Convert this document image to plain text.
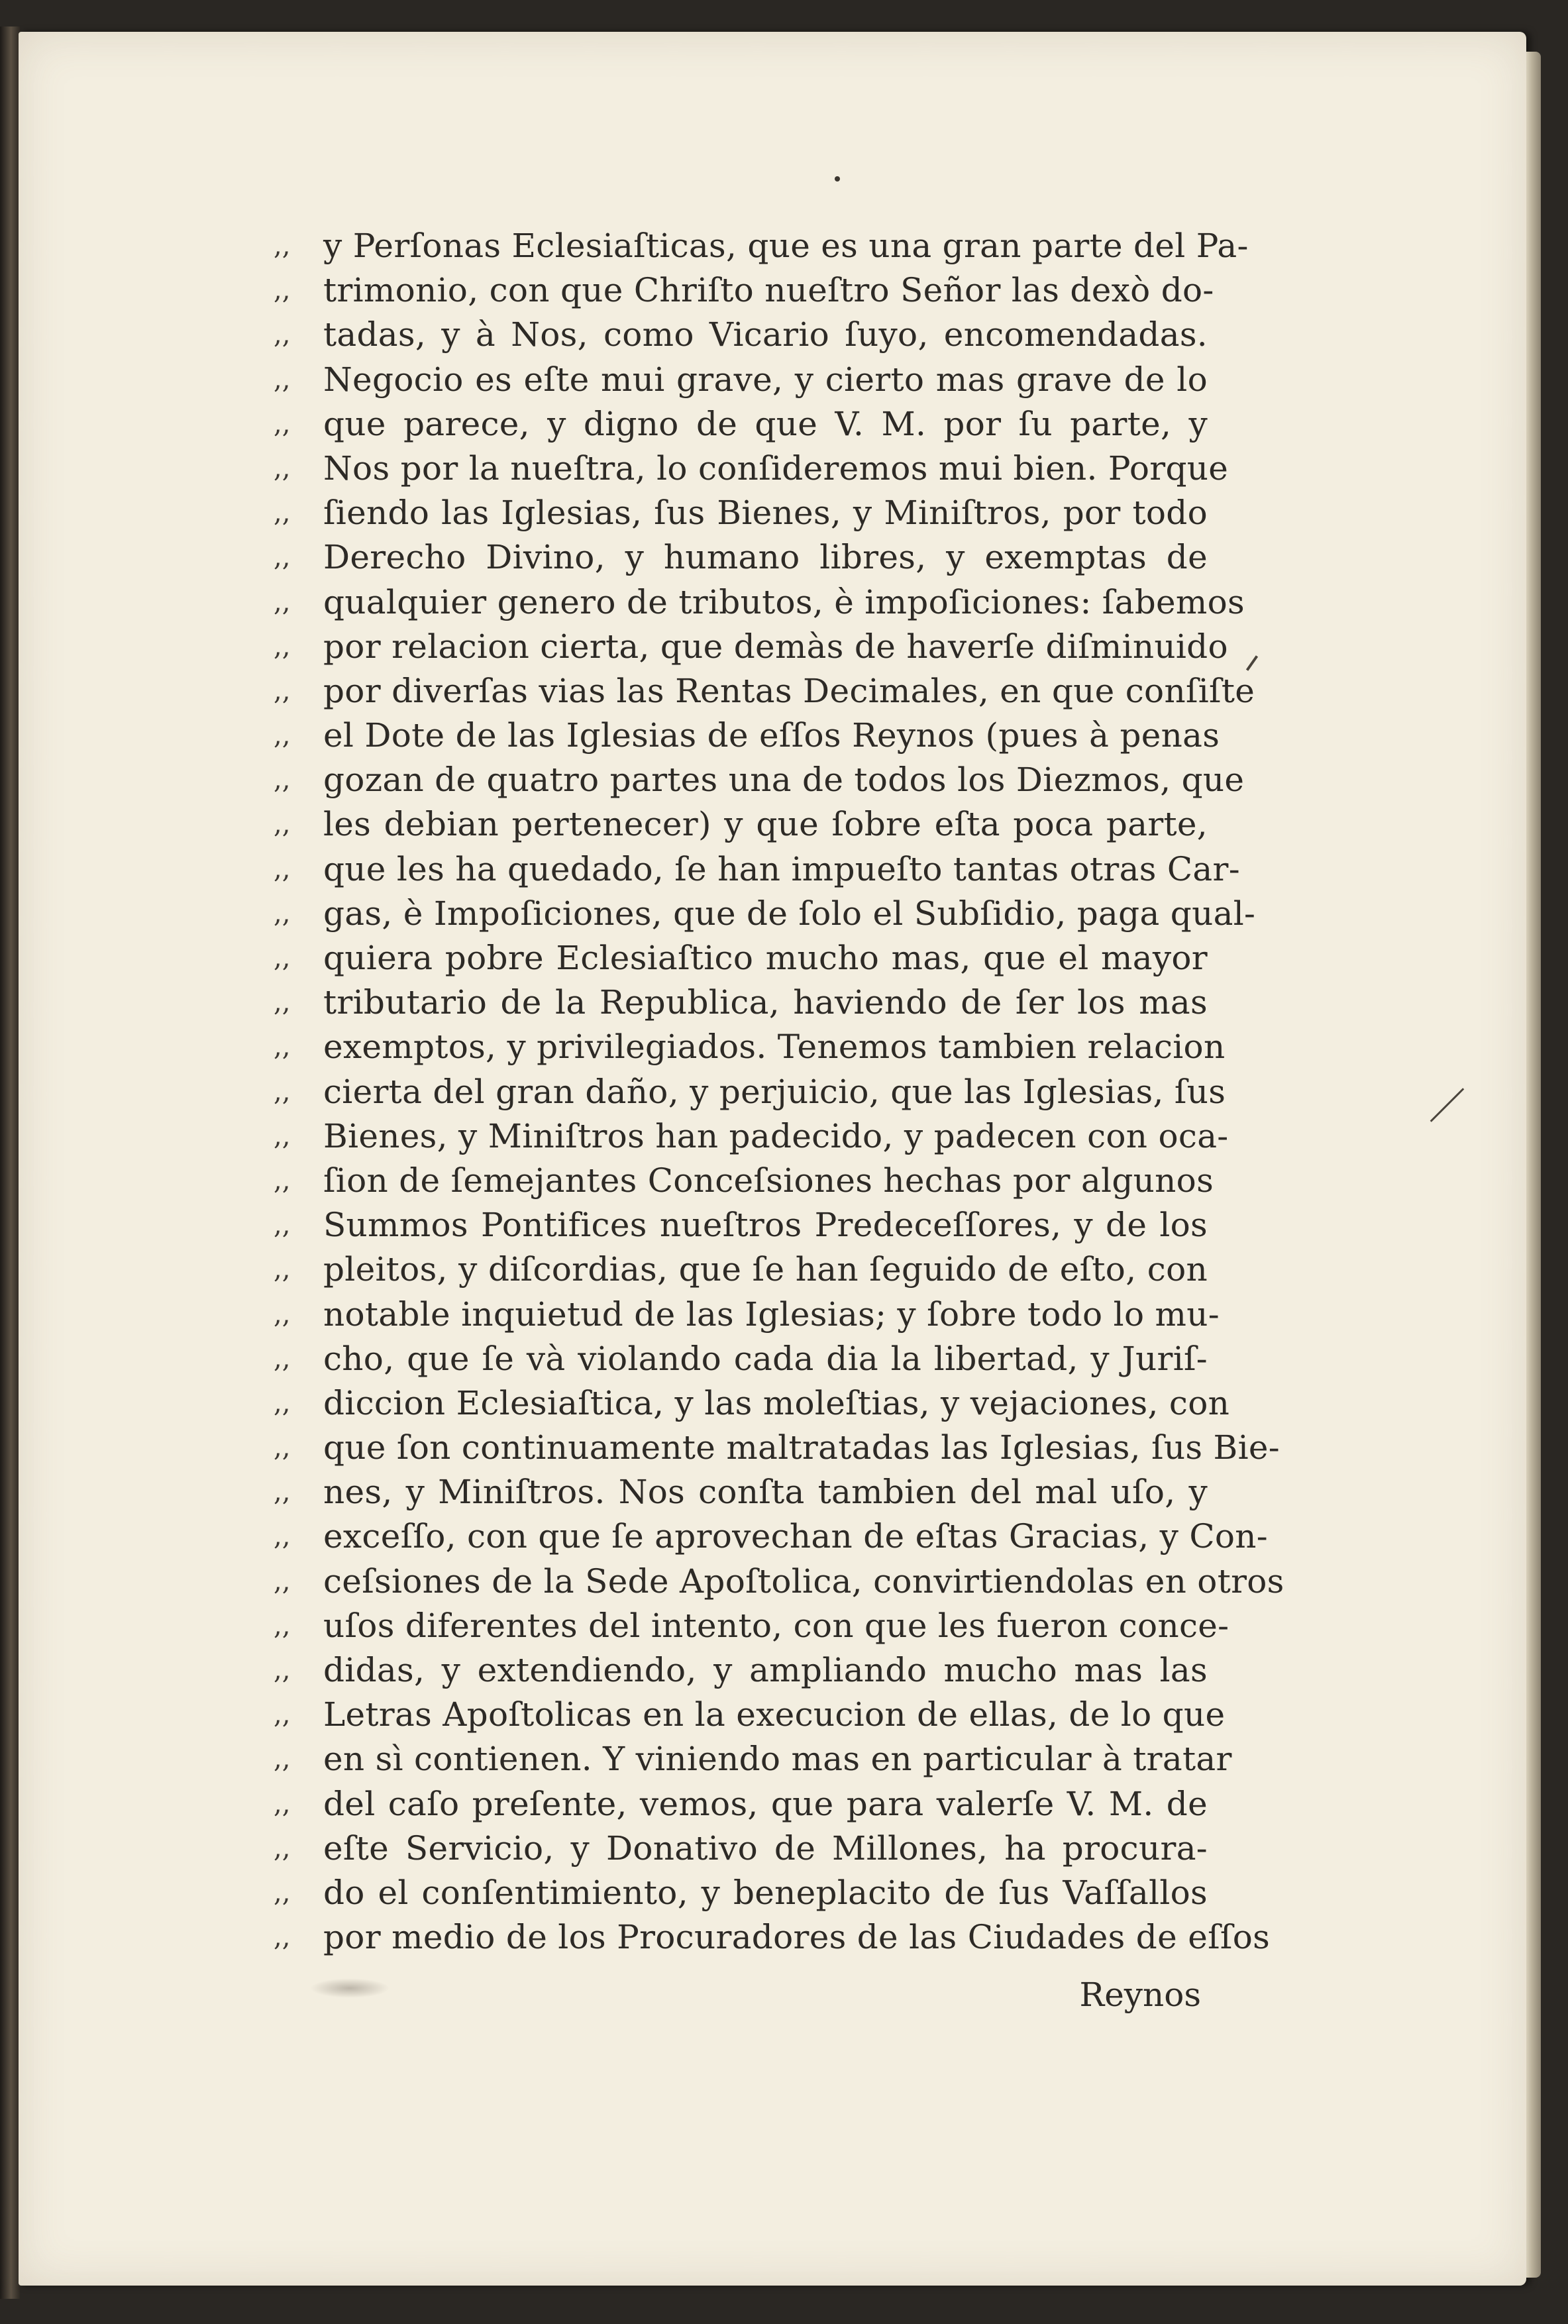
,, y Perſonas Eclesiaſticas, que es una gran parte del Pa-
,, trimonio, con que Chriſto nueſtro Señor las dexò do-
,, tadas, y à Nos, como Vicario ſuyo, encomendadas.
,, Negocio es eſte mui grave, y cierto mas grave de lo
,, que parece, y digno de que V. M. por ſu parte, y
,, Nos por la nueſtra, lo conſideremos mui bien. Porque
,, ſiendo las Iglesias, ſus Bienes, y Miniſtros, por todo
,, Derecho Divino, y humano libres, y exemptas de
,, qualquier genero de tributos, è impoſiciones: ſabemos
,, por relacion cierta, que demàs de haverſe diſminuido
,, por diverſas vias las Rentas Decimales, en que conſiſte
,, el Dote de las Iglesias de eſſos Reynos (pues à penas
,, gozan de quatro partes una de todos los Diezmos, que
,, les debian pertenecer) y que ſobre eſta poca parte,
,, que les ha quedado, ſe han impueſto tantas otras Car-
,, gas, è Impoſiciones, que de ſolo el Subſidio, paga qual-
,, quiera pobre Eclesiaſtico mucho mas, que el mayor
,, tributario de la Republica, haviendo de ſer los mas
,, exemptos, y privilegiados. Tenemos tambien relacion
,, cierta del gran daño, y perjuicio, que las Iglesias, ſus
,, Bienes, y Miniſtros han padecido, y padecen con oca-
,, ſion de ſemejantes Conceſsiones hechas por algunos
,, Summos Pontifices nueſtros Predeceſſores, y de los
,, pleitos, y diſcordias, que ſe han ſeguido de eſto, con
,, notable inquietud de las Iglesias; y ſobre todo lo mu-
,, cho, que ſe và violando cada dia la libertad, y Juriſ-
,, diccion Eclesiaſtica, y las moleſtias, y vejaciones, con
,, que ſon continuamente maltratadas las Iglesias, ſus Bie-
,, nes, y Miniſtros. Nos conſta tambien del mal uſo, y
,, exceſſo, con que ſe aprovechan de eſtas Gracias, y Con-
,, ceſsiones de la Sede Apoſtolica, convirtiendolas en otros
,, uſos diferentes del intento, con que les fueron conce-
,, didas, y extendiendo, y ampliando mucho mas las
,, Letras Apoſtolicas en la execucion de ellas, de lo que
,, en sì contienen. Y viniendo mas en particular à tratar
,, del caſo preſente, vemos, que para valerſe V. M. de
,, eſte Servicio, y Donativo de Millones, ha procura-
,, do el conſentimiento, y beneplacito de ſus Vaſſallos
,, por medio de los Procuradores de las Ciudades de eſſos
Reynos
